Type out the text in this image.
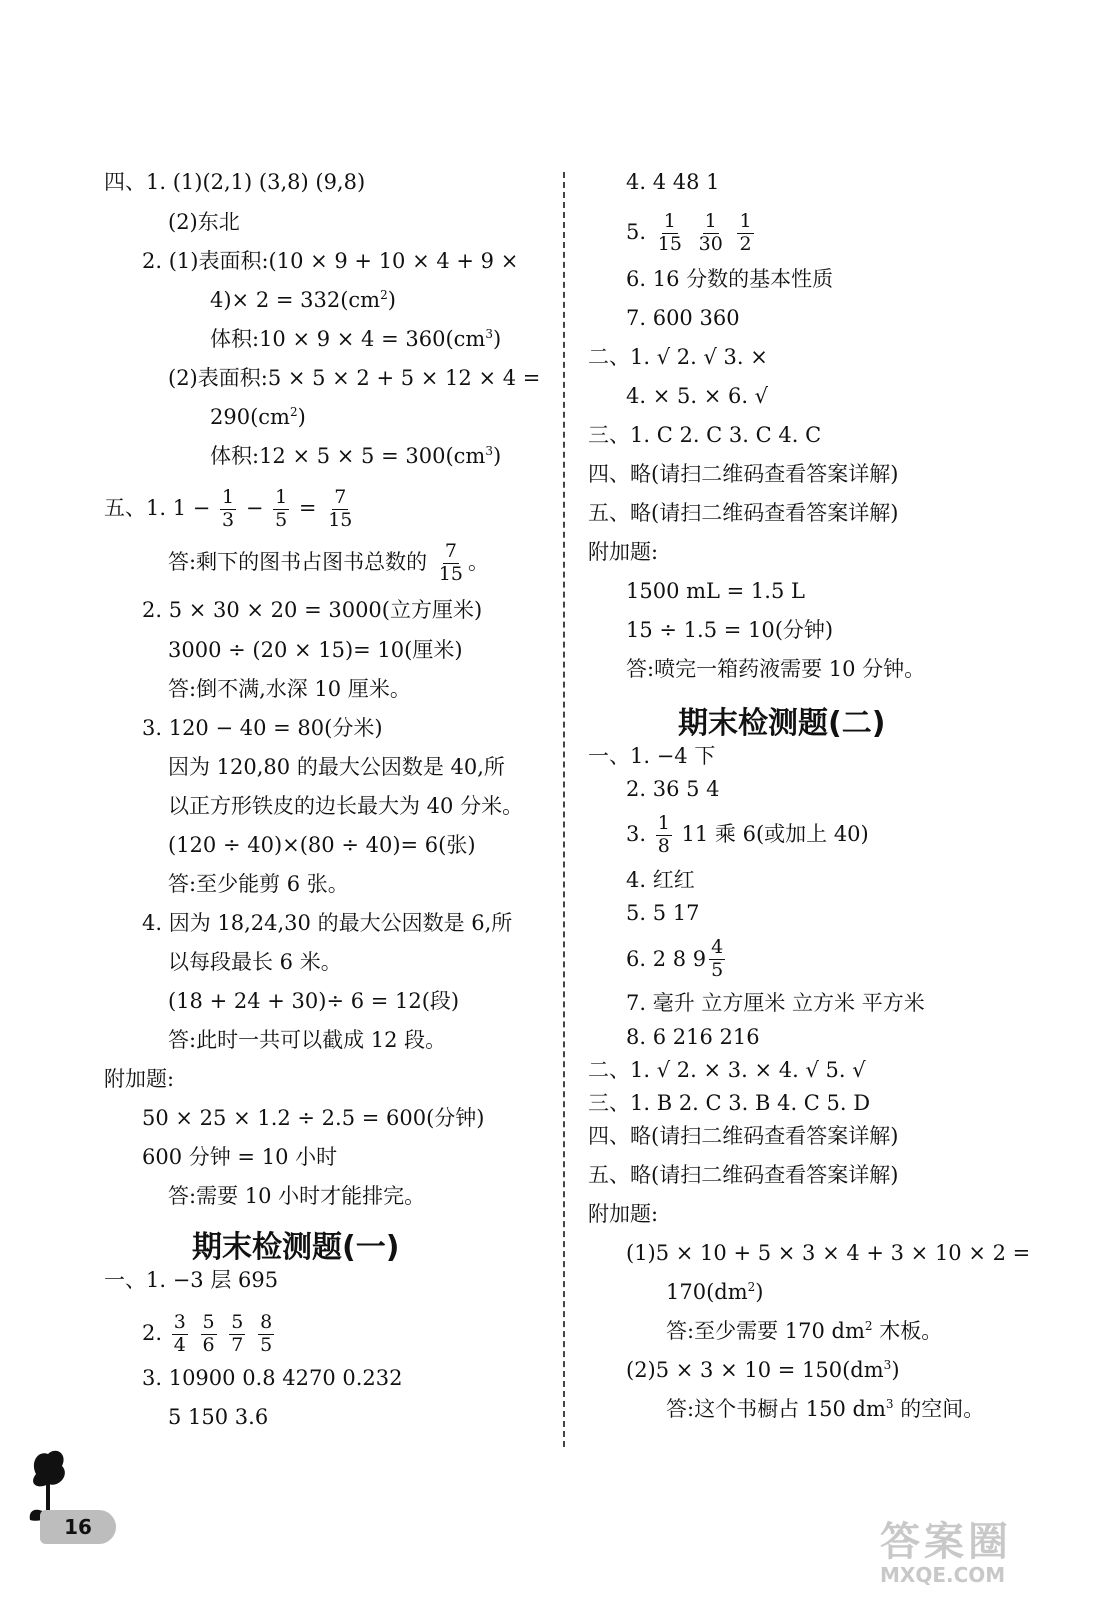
四、1. (1)(2,1) (3,8) (9,8)
(2)东北
2. (1)表面积:(10 × 9 + 10 × 4 + 9 ×
$4)\times 2 = 332(cm^2)$
体积:10 × $9 \times 4 = 360(cm^3)$
(2)表面积:5 × 5 × 2 + 5 × 12 × 4 =
$290(cm^2)$
体积:12 × $5 \times 5 = 300(cm^3)$
五、1. $1 - \frac{1}{3} - \frac{1}{5} = \frac{7}{15}$
答:剩下的图书占图书总数的 $\frac{7}{15}$ 。
2. 5 × 30 × 20 = 3000(立方厘米)
3000 ÷ (20 × 15)= 10(厘米)
答:倒不满,水深 10 厘米。
3. 120 − 40 = 80(分米)
因为 120,80 的最大公因数是 40,所
以正方形铁皮的边长最大为 40 分米。
(120 ÷ 40)×(80 ÷ 40)= 6(张)
答:至少能剪 6 张。
4. 因为 18,24,30 的最大公因数是 6,所
以每段最长 6 米。
(18 + 24 + 30)÷ 6 = 12(段)
答:此时一共可以截成 12 段。
附加题:
50 × 25 × 1.2 ÷ 2.5 = 600(分钟)
600 分钟 = 10 小时
答:需要 10 小时才能排完。
期末检测题(一)
一、1. −3 层 695
2. $\frac{3}{4}$
$\frac{5}{6}$
$\frac{5}{7}$
$\frac{8}{5}$
3. 10900 0.8 4270 0.232
5 150 3.6
4. 4 48 1
5. $\frac{1}{15}$
$\frac{1}{30}$
$\frac{1}{2}$
6. 16 分数的基本性质
7. 600 360
二、1. √ 2. √ 3. ×
4. × 5. × 6. √
三、1. C 2. C 3. C 4. C
四、略(请扫二维码查看答案详解)
五、略(请扫二维码查看答案详解)
附加题:
1500 mL = 1.5 L
15 ÷ 1.5 = 10(分钟)
答:喷完一箱药液需要 10 分钟。
期末检测题(二)
一、1. −4 下
2. 36 5 4
3. $\frac{1}{8} 11$ 乘 6(或加上 40)
4. 红红
5. 5 17
6. 2 8 $9 \frac{4}{5}$
7. 毫升 立方厘米 立方米 平方米
8. 6 216 216
二、1. √ 2. × 3. × 4. √ 5. √
三、1. B 2. C 3. B 4. C 5. D
四、略(请扫二维码查看答案详解)
五、略(请扫二维码查看答案详解)
附加题:
(1)5 × 10 + 5 × 3 × 4 + 3 × 10 × 2 =
$170(dm^2)$
答:至少需要 170 $dm^2$ 木板。
$(2)5 \times 3 \times 10 = 150(dm^3)$
答:这个书橱占 150 $dm^3$ 的空间。
16	答案圈
MXQE.COM
